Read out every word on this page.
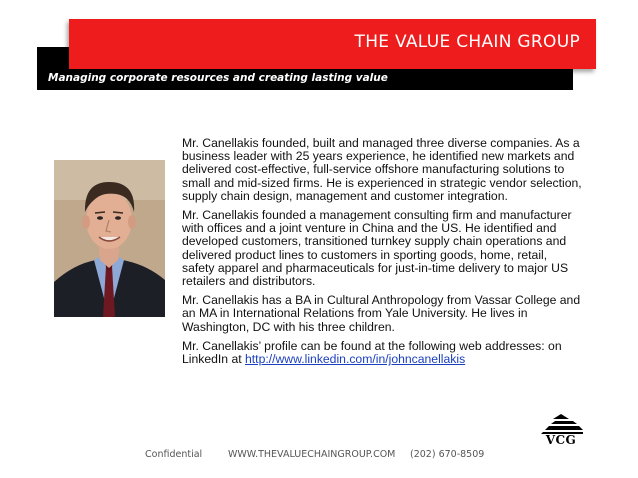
THE VALUE CHAIN GROUP
Managing corporate resources and creating lasting value

Mr. Canellakis founded, built and managed three diverse companies. As a business leader with 25 years experience, he identified new markets and delivered cost-effective, full-service offshore manufacturing solutions to small and mid-sized firms. He is experienced in strategic vendor selection, supply chain design, management and customer integration.

Mr. Canellakis founded a management consulting firm and manufacturer with offices and a joint venture in China and the US. He identified and developed customers, transitioned turnkey supply chain operations and delivered product lines to customers in sporting goods, home, retail, safety apparel and pharmaceuticals for just-in-time delivery to major US retailers and distributors.

Mr. Canellakis has a BA in Cultural Anthropology from Vassar College and an MA in International Relations from Yale University. He lives in Washington, DC with his three children.

Mr. Canellakis’ profile can be found at the following web addresses: on LinkedIn at http://www.linkedin.com/in/johncanellakis

VCG
Confidential	WWW.THEVALUECHAINGROUP.COM (202) 670-8509
